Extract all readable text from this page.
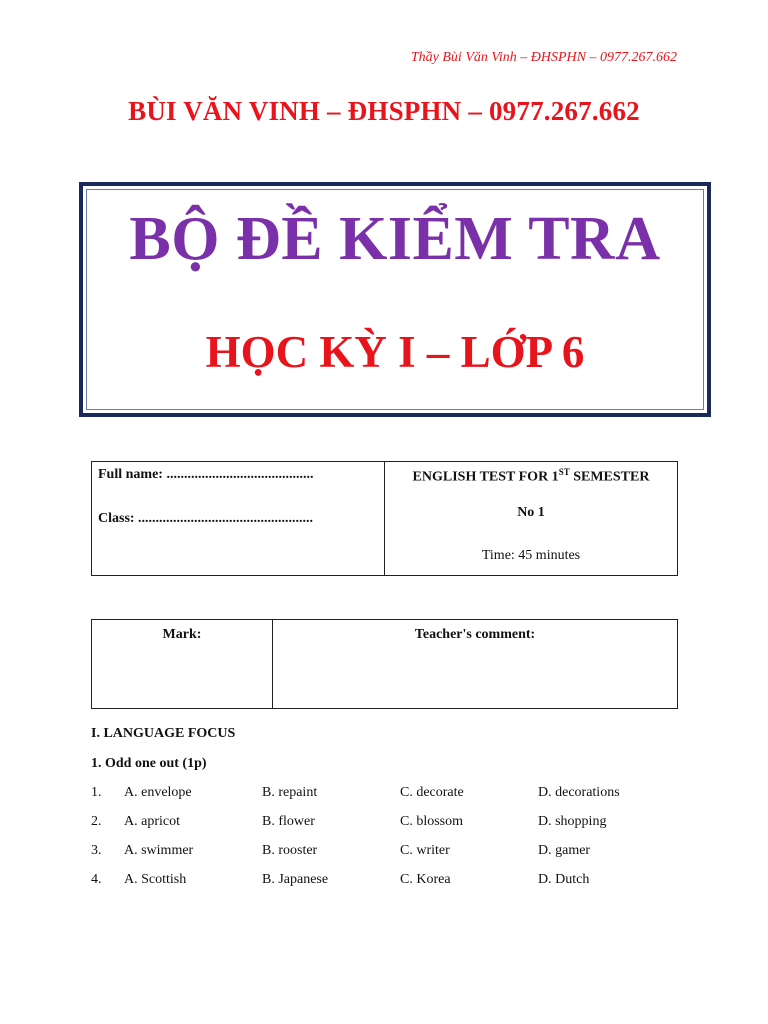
Thầy Bùi Văn Vinh – ĐHSPHN – 0977.267.662
BÙI VĂN VINH – ĐHSPHN – 0977.267.662
BỘ ĐỀ KIỂM TRA
HỌC KỲ I – LỚP 6
Full name: ..........................................
Class: ..................................................

ENGLISH TEST FOR 1ST SEMESTER
No 1
Time: 45 minutes
Mark:	Teacher's comment:
I. LANGUAGE FOCUS
1. Odd one out (1p)
1. A. envelope	B. repaint	C. decorate	D. decorations
2. A. apricot	B. flower	C. blossom	D. shopping
3. A. swimmer	B. rooster	C. writer	D. gamer
4. A. Scottish	B. Japanese	C. Korea	D. Dutch
